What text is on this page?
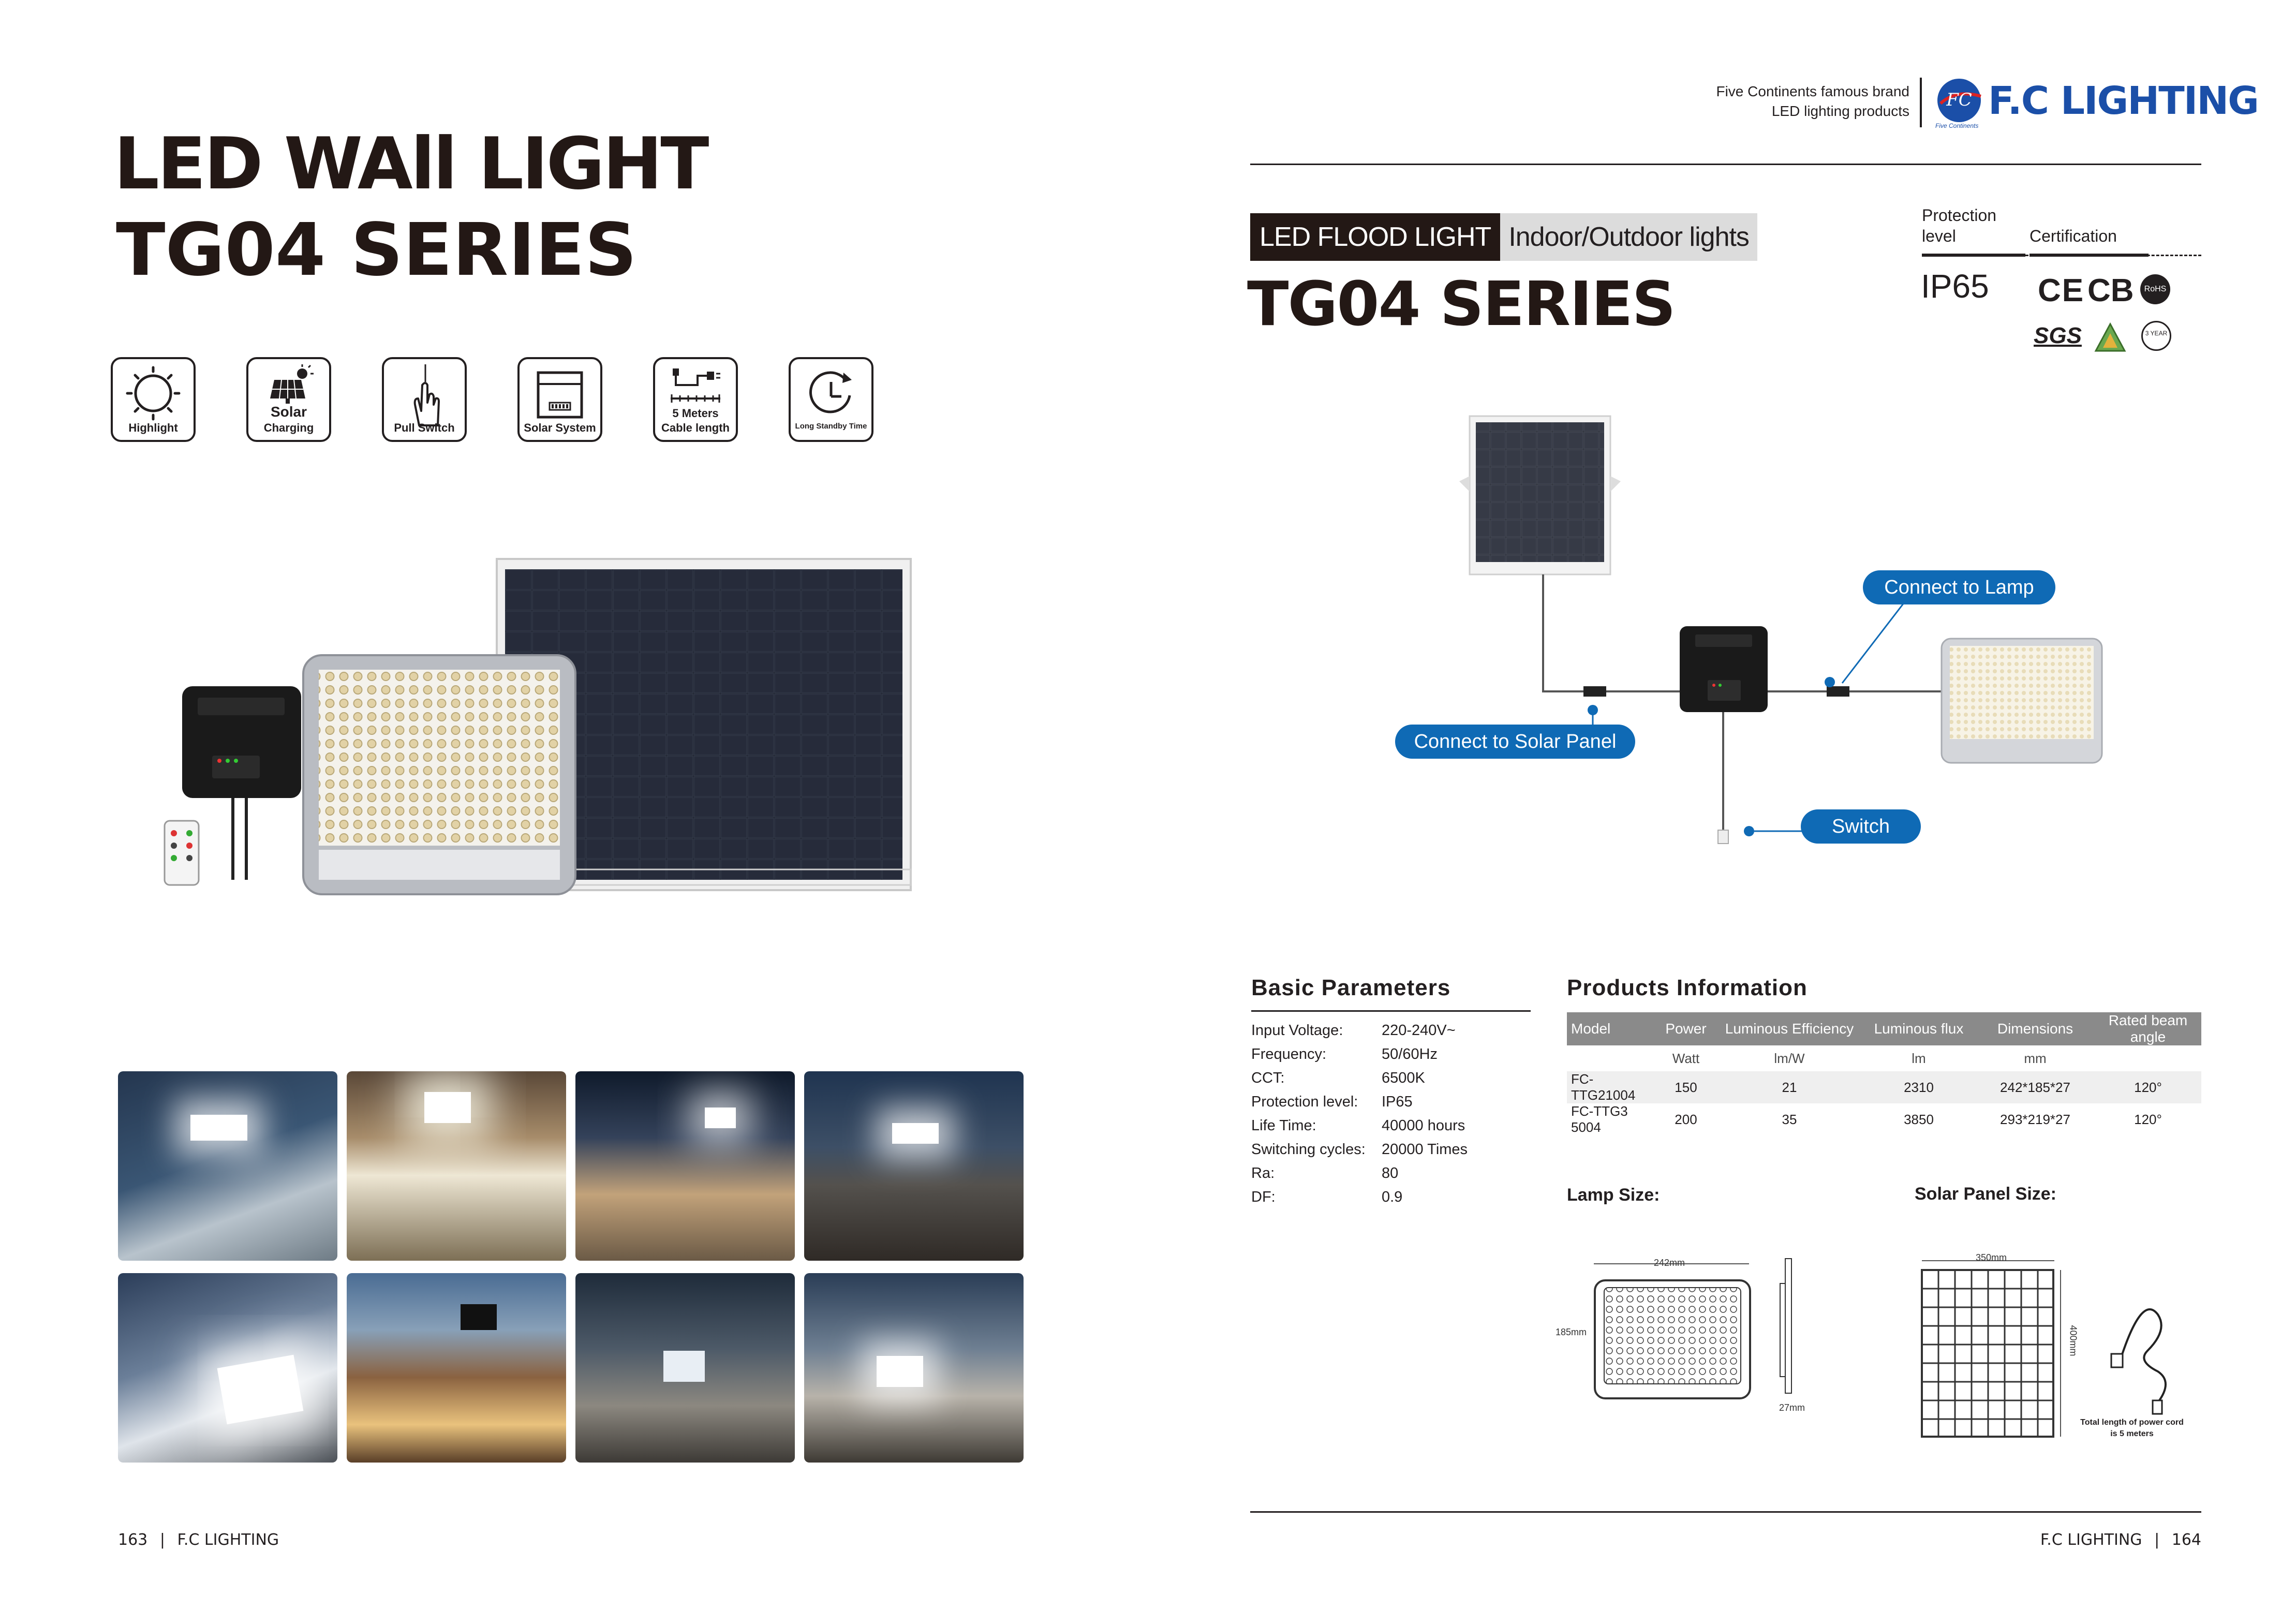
LED WAll LIGHT
TG04 SERIES
Highlight
Solar
Charging	Pull Switch	Solar System
5 Meters
Cable length	Long Standby Time
163 | F.C LIGHTING
Five Continents famous brand
LED lighting products
FC F.C LIGHTING
Five Continents
LED FLOOD LIGHT Indoor/Outdoor lights
TG04 SERIES
Protection
level	Certification
IP65 CE CB	RoHS
SGS	3 YEAR
Connect to Lamp
Connect to Solar Panel
Switch
Basic Parameters
Input Voltage:	220-240V~
Frequency:	50/60Hz
CCT:	6500K
Protection level: IP65
Life Time:	40000 hours
Switching cycles: 20000 Times
Ra:	80
DF:	0.9
Products Information
Model	Power	Luminous Efficiency	Luminous flux	Dimensions	Rated beam angle
	Watt	lm/W	lm	mm	
FC-TTG21004	150	21	2310	242*185*27	120°
FC-TTG3 5004	200	35	3850	293*219*27	120°
Lamp Size:
242mm
185mm
27mm
Solar Panel Size:
350mm
400mm
Total length of power cord
is 5 meters
F.C LIGHTING | 164
